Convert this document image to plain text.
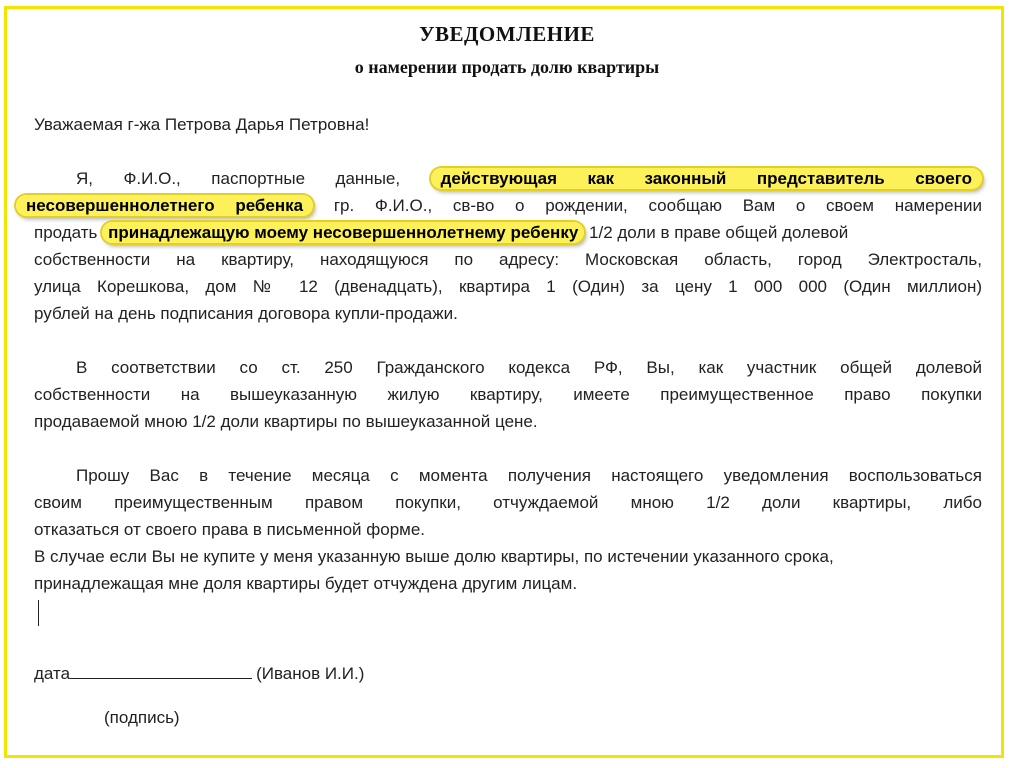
УВЕДОМЛЕНИЕ
о намерении продать долю квартиры
Уважаемая г-жа Петрова Дарья Петровна!
Я, Ф.И.О., паспортные данные, действующая как законный представитель своего
несовершеннолетнего ребенка гр. Ф.И.О., св-во о рождении, сообщаю Вам о своем намерении
продать принадлежащую моему несовершеннолетнему ребенку 1/2 доли в праве общей долевой
собственности на квартиру, находящуюся по адресу: Московская область, город Электросталь,
улица Корешкова, дом № 12 (двенадцать), квартира 1 (Один) за цену 1 000 000 (Один миллион)
рублей на день подписания договора купли-продажи.
В соответствии со ст. 250 Гражданского кодекса РФ, Вы, как участник общей долевой
собственности на вышеуказанную жилую квартиру, имеете преимущественное право покупки
продаваемой мною 1/2 доли квартиры по вышеуказанной цене.
Прошу Вас в течение месяца с момента получения настоящего уведомления воспользоваться
своим преимущественным правом покупки, отчуждаемой мною 1/2 доли квартиры, либо
отказаться от своего права в письменной форме.
В случае если Вы не купите у меня указанную выше долю квартиры, по истечении указанного срока,
принадлежащая мне доля квартиры будет отчуждена другим лицам.
дата	(Иванов И.И.)
(подпись)
